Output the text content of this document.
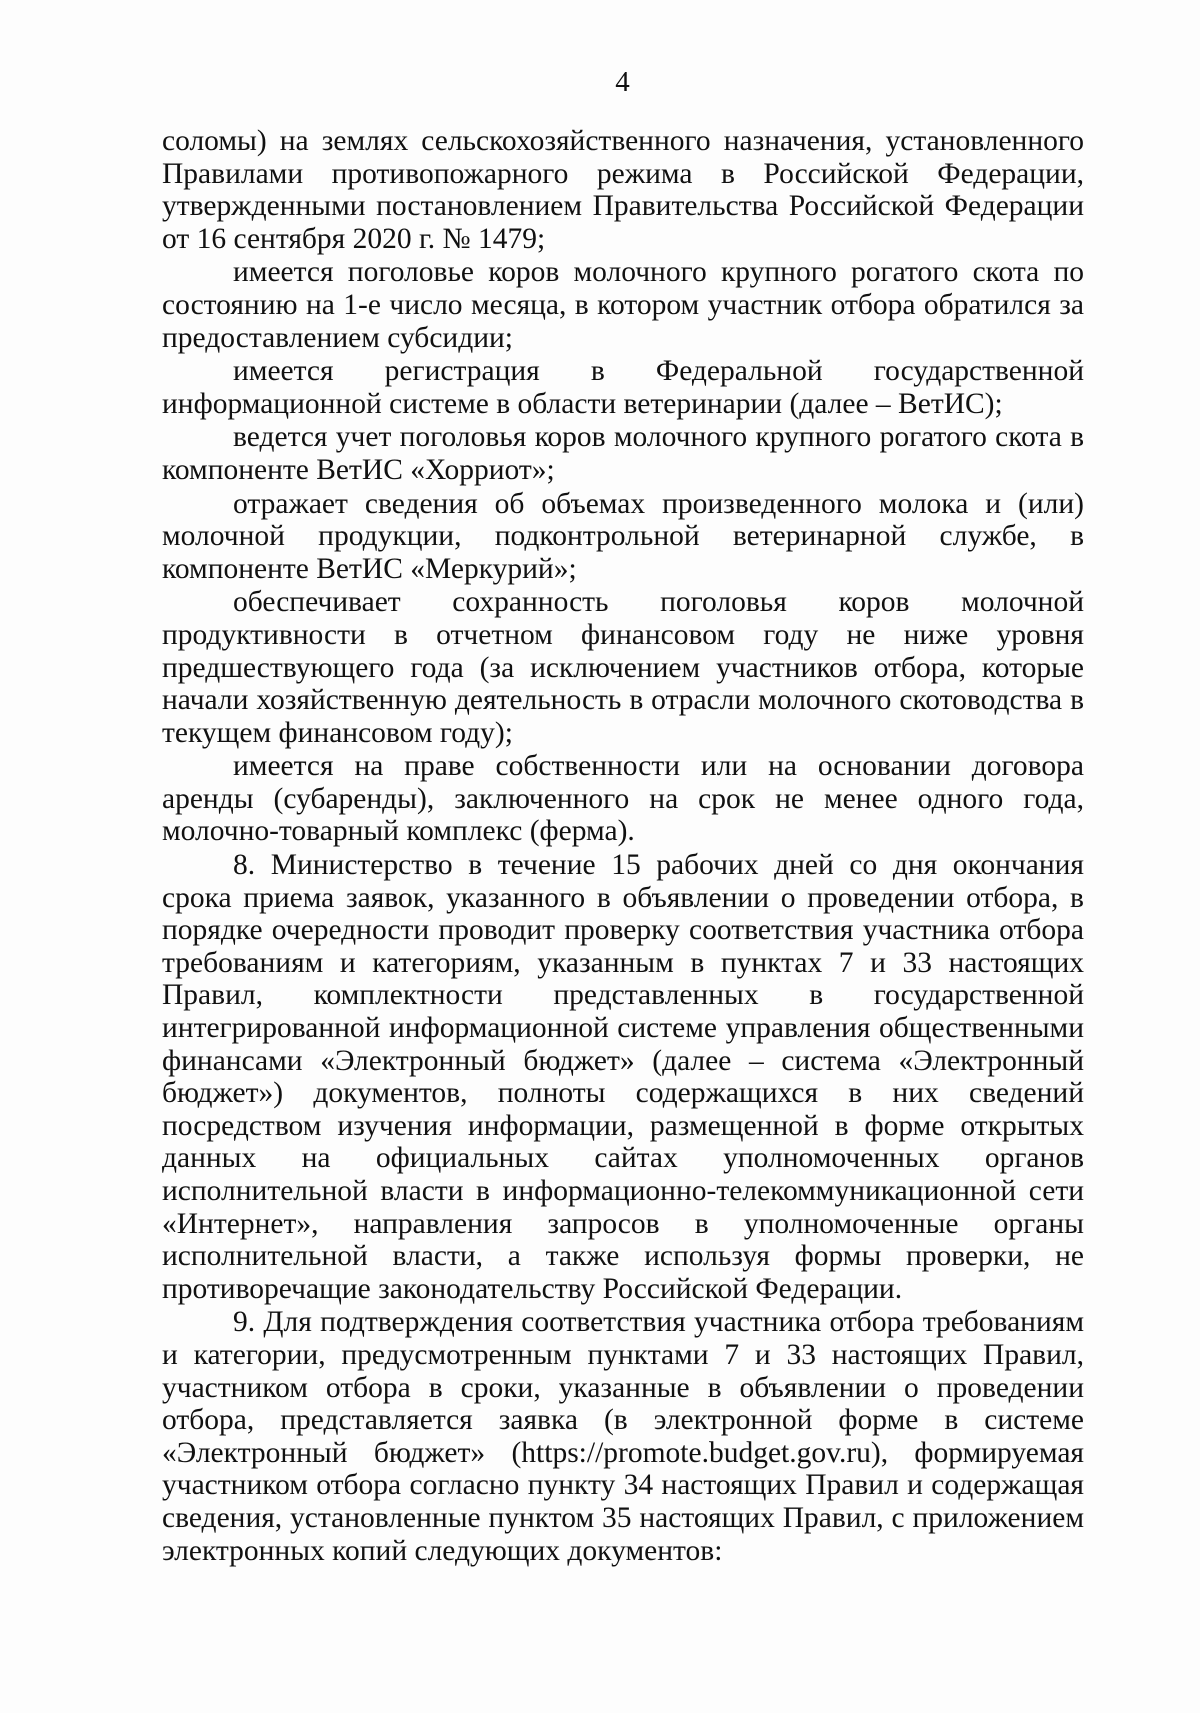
4

соломы) на землях сельскохозяйственного назначения, установленного Правилами противопожарного режима в Российской Федерации, утвержденными постановлением Правительства Российской Федерации от 16 сентября 2020 г. № 1479;

имеется поголовье коров молочного крупного рогатого скота по состоянию на 1-е число месяца, в котором участник отбора обратился за предоставлением субсидии;

имеется регистрация в Федеральной государственной информационной системе в области ветеринарии (далее – ВетИС);

ведется учет поголовья коров молочного крупного рогатого скота в компоненте ВетИС «Хорриот»;

отражает сведения об объемах произведенного молока и (или) молочной продукции, подконтрольной ветеринарной службе, в компоненте ВетИС «Меркурий»;

обеспечивает сохранность поголовья коров молочной продуктивности в отчетном финансовом году не ниже уровня предшествующего года (за исключением участников отбора, которые начали хозяйственную деятельность в отрасли молочного скотоводства в текущем финансовом году);

имеется на праве собственности или на основании договора аренды (субаренды), заключенного на срок не менее одного года, молочно-товарный комплекс (ферма).

8. Министерство в течение 15 рабочих дней со дня окончания срока приема заявок, указанного в объявлении о проведении отбора, в порядке очередности проводит проверку соответствия участника отбора требованиям и категориям, указанным в пунктах 7 и 33 настоящих Правил, комплектности представленных в государственной интегрированной информационной системе управления общественными финансами «Электронный бюджет» (далее – система «Электронный бюджет») документов, полноты содержащихся в них сведений посредством изучения информации, размещенной в форме открытых данных на официальных сайтах уполномоченных органов исполнительной власти в информационно-телекоммуникационной сети «Интернет», направления запросов в уполномоченные органы исполнительной власти, а также используя формы проверки, не противоречащие законодательству Российской Федерации.

9. Для подтверждения соответствия участника отбора требованиям и категории, предусмотренным пунктами 7 и 33 настоящих Правил, участником отбора в сроки, указанные в объявлении о проведении отбора, представляется заявка (в электронной форме в системе «Электронный бюджет» (https://promote.budget.gov.ru), формируемая участником отбора согласно пункту 34 настоящих Правил и содержащая сведения, установленные пунктом 35 настоящих Правил, с приложением электронных копий следующих документов:
